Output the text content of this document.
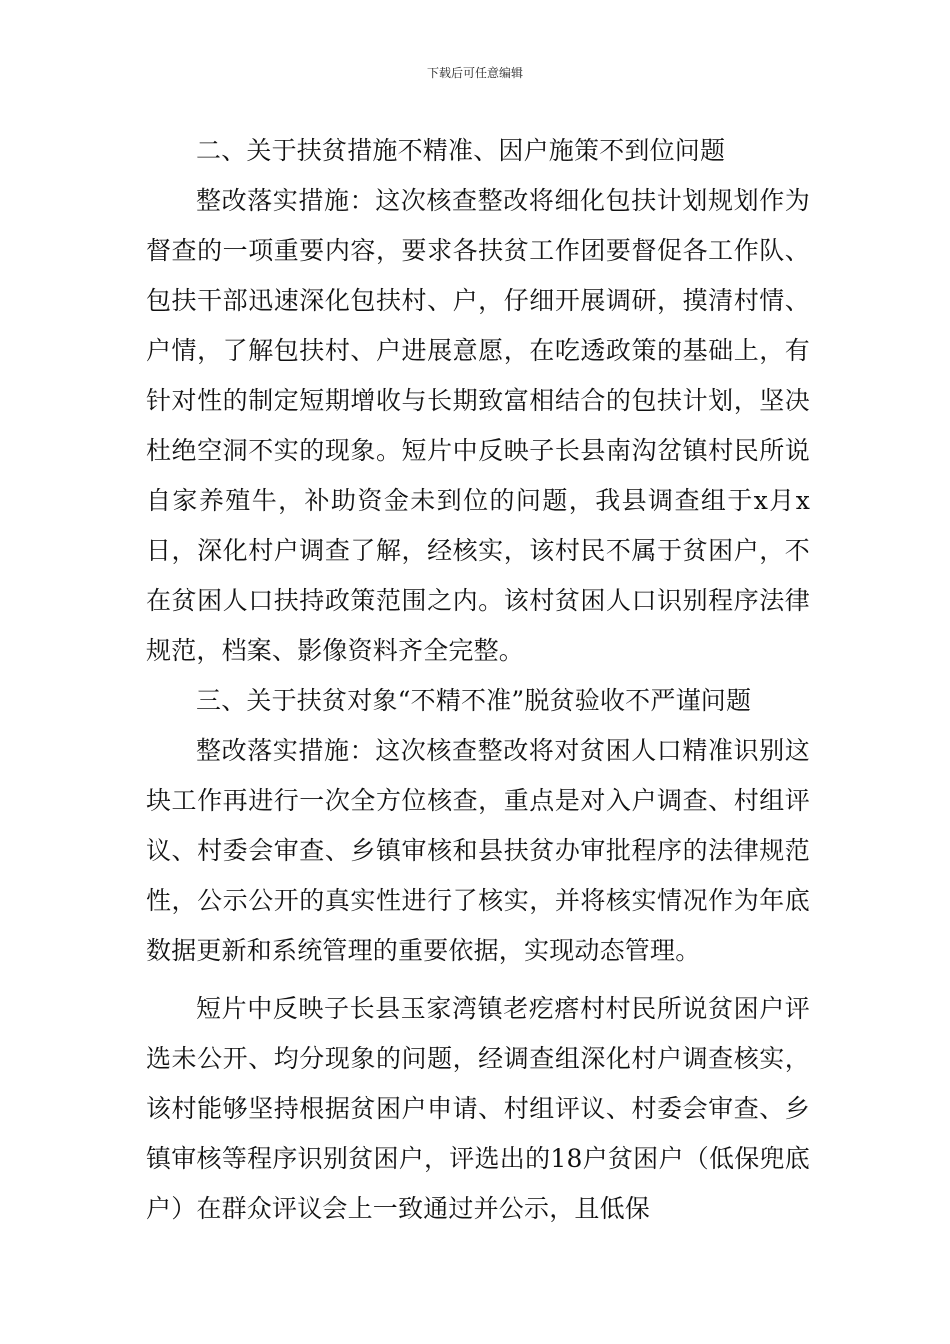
下载后可任意编辑

二、关于扶贫措施不精准、因户施策不到位问题

整改落实措施：这次核查整改将细化包扶计划规划作为督查的一项重要内容，要求各扶贫工作团要督促各工作队、包扶干部迅速深化包扶村、户，仔细开展调研，摸清村情、户情，了解包扶村、户进展意愿，在吃透政策的基础上，有针对性的制定短期增收与长期致富相结合的包扶计划，坚决杜绝空洞不实的现象。短片中反映子长县南沟岔镇村民所说自家养殖牛，补助资金未到位的问题，我县调查组于x月x日，深化村户调查了解，经核实，该村民不属于贫困户，不在贫困人口扶持政策范围之内。该村贫困人口识别程序法律规范，档案、影像资料齐全完整。

三、关于扶贫对象“不精不准”脱贫验收不严谨问题

整改落实措施：这次核查整改将对贫困人口精准识别这块工作再进行一次全方位核查，重点是对入户调查、村组评议、村委会审查、乡镇审核和县扶贫办审批程序的法律规范性，公示公开的真实性进行了核实，并将核实情况作为年底数据更新和系统管理的重要依据，实现动态管理。

短片中反映子长县玉家湾镇老疙瘩村村民所说贫困户评选未公开、均分现象的问题，经调查组深化村户调查核实，该村能够坚持根据贫困户申请、村组评议、村委会审查、乡镇审核等程序识别贫困户，评选出的18户贫困户（低保兜底户）在群众评议会上一致通过并公示，且低保
